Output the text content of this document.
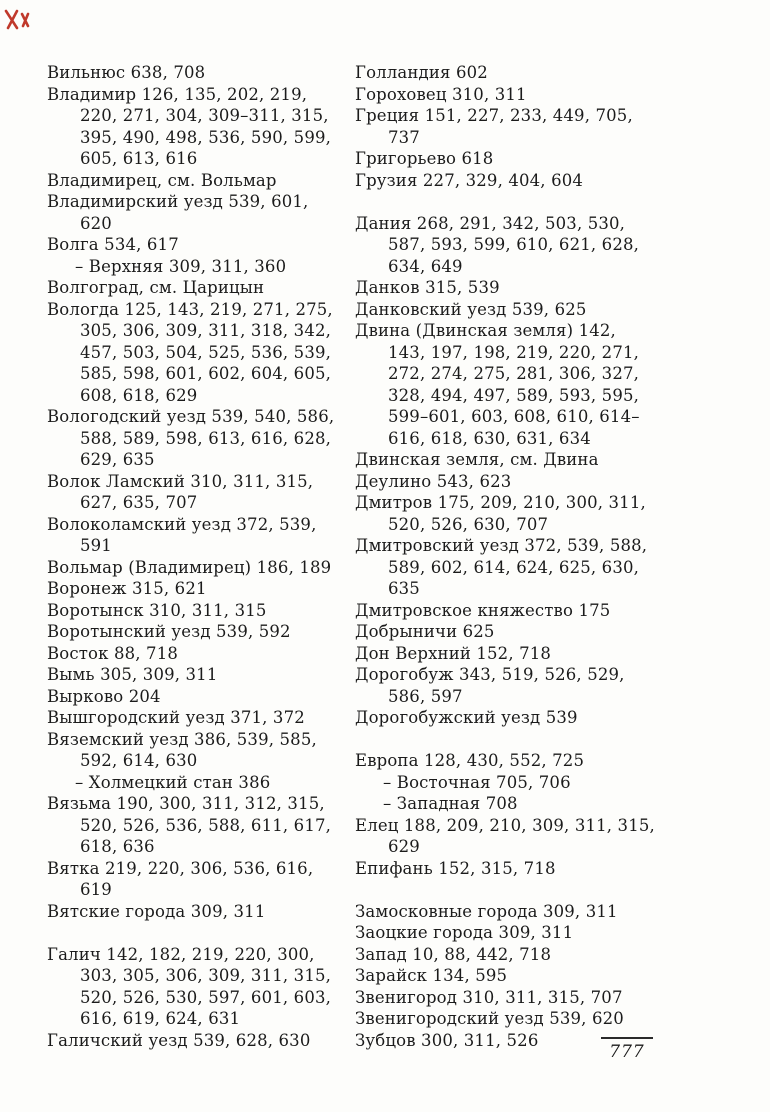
Вильнюс 638, 708
Владимир 126, 135, 202, 219, 220, 271, 304, 309–311, 315, 395, 490, 498, 536, 590, 599, 605, 613, 616
Владимирец, см. Вольмар
Владимирский уезд 539, 601, 620
Волга 534, 617
– Верхняя 309, 311, 360
Волгоград, см. Царицын
Вологда 125, 143, 219, 271, 275, 305, 306, 309, 311, 318, 342, 457, 503, 504, 525, 536, 539, 585, 598, 601, 602, 604, 605, 608, 618, 629
Вологодский уезд 539, 540, 586, 588, 589, 598, 613, 616, 628, 629, 635
Волок Ламский 310, 311, 315, 627, 635, 707
Волоколамский уезд 372, 539, 591
Вольмар (Владимирец) 186, 189
Воронеж 315, 621
Воротынск 310, 311, 315
Воротынский уезд 539, 592
Восток 88, 718
Вымь 305, 309, 311
Вырково 204
Вышгородский уезд 371, 372
Вяземский уезд 386, 539, 585, 592, 614, 630
– Холмецкий стан 386
Вязьма 190, 300, 311, 312, 315, 520, 526, 536, 588, 611, 617, 618, 636
Вятка 219, 220, 306, 536, 616, 619
Вятские города 309, 311
Галич 142, 182, 219, 220, 300, 303, 305, 306, 309, 311, 315, 520, 526, 530, 597, 601, 603, 616, 619, 624, 631
Галичский уезд 539, 628, 630
Голландия 602
Гороховец 310, 311
Греция 151, 227, 233, 449, 705, 737
Григорьево 618
Грузия 227, 329, 404, 604
Дания 268, 291, 342, 503, 530, 587, 593, 599, 610, 621, 628, 634, 649
Данков 315, 539
Данковский уезд 539, 625
Двина (Двинская земля) 142, 143, 197, 198, 219, 220, 271, 272, 274, 275, 281, 306, 327, 328, 494, 497, 589, 593, 595, 599–601, 603, 608, 610, 614–616, 618, 630, 631, 634
Двинская земля, см. Двина
Деулино 543, 623
Дмитров 175, 209, 210, 300, 311, 520, 526, 630, 707
Дмитровский уезд 372, 539, 588, 589, 602, 614, 624, 625, 630, 635
Дмитровское княжество 175
Добрыничи 625
Дон Верхний 152, 718
Дорогобуж 343, 519, 526, 529, 586, 597
Дорогобужский уезд 539
Европа 128, 430, 552, 725
– Восточная 705, 706
– Западная 708
Елец 188, 209, 210, 309, 311, 315, 629
Епифань 152, 315, 718
Замосковные города 309, 311
Заоцкие города 309, 311
Запад 10, 88, 442, 718
Зарайск 134, 595
Звенигород 310, 311, 315, 707
Звенигородский уезд 539, 620
Зубцов 300, 311, 526
777
